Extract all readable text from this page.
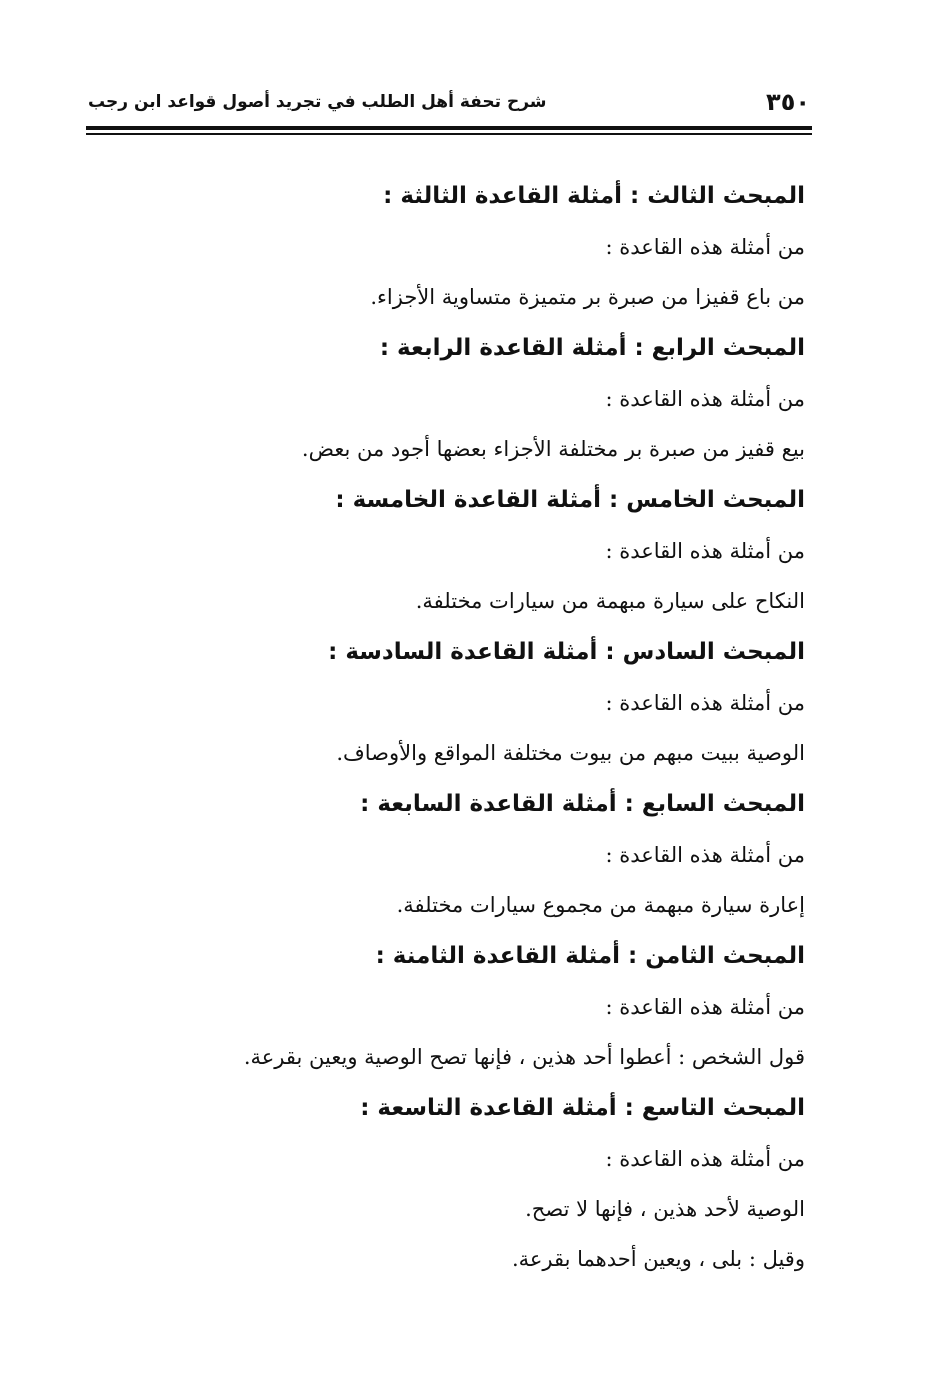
شرح تحفة أهل الطلب في تجريد أصول قواعد ابن رجب	٣٥٠
المبحث الثالث : أمثلة القاعدة الثالثة :
من أمثلة هذه القاعدة :
من باع قفيزا من صبرة بر متميزة متساوية الأجزاء.
المبحث الرابع : أمثلة القاعدة الرابعة :
من أمثلة هذه القاعدة :
بيع قفيز من صبرة بر مختلفة الأجزاء بعضها أجود من بعض.
المبحث الخامس : أمثلة القاعدة الخامسة :
من أمثلة هذه القاعدة :
النكاح على سيارة مبهمة من سيارات مختلفة.
المبحث السادس : أمثلة القاعدة السادسة :
من أمثلة هذه القاعدة :
الوصية ببيت مبهم من بيوت مختلفة المواقع والأوصاف.
المبحث السابع : أمثلة القاعدة السابعة :
من أمثلة هذه القاعدة :
إعارة سيارة مبهمة من مجموع سيارات مختلفة.
المبحث الثامن : أمثلة القاعدة الثامنة :
من أمثلة هذه القاعدة :
قول الشخص : أعطوا أحد هذين ، فإنها تصح الوصية ويعين بقرعة.
المبحث التاسع : أمثلة القاعدة التاسعة :
من أمثلة هذه القاعدة :
الوصية لأحد هذين ، فإنها لا تصح.
وقيل : بلى ، ويعين أحدهما بقرعة.
